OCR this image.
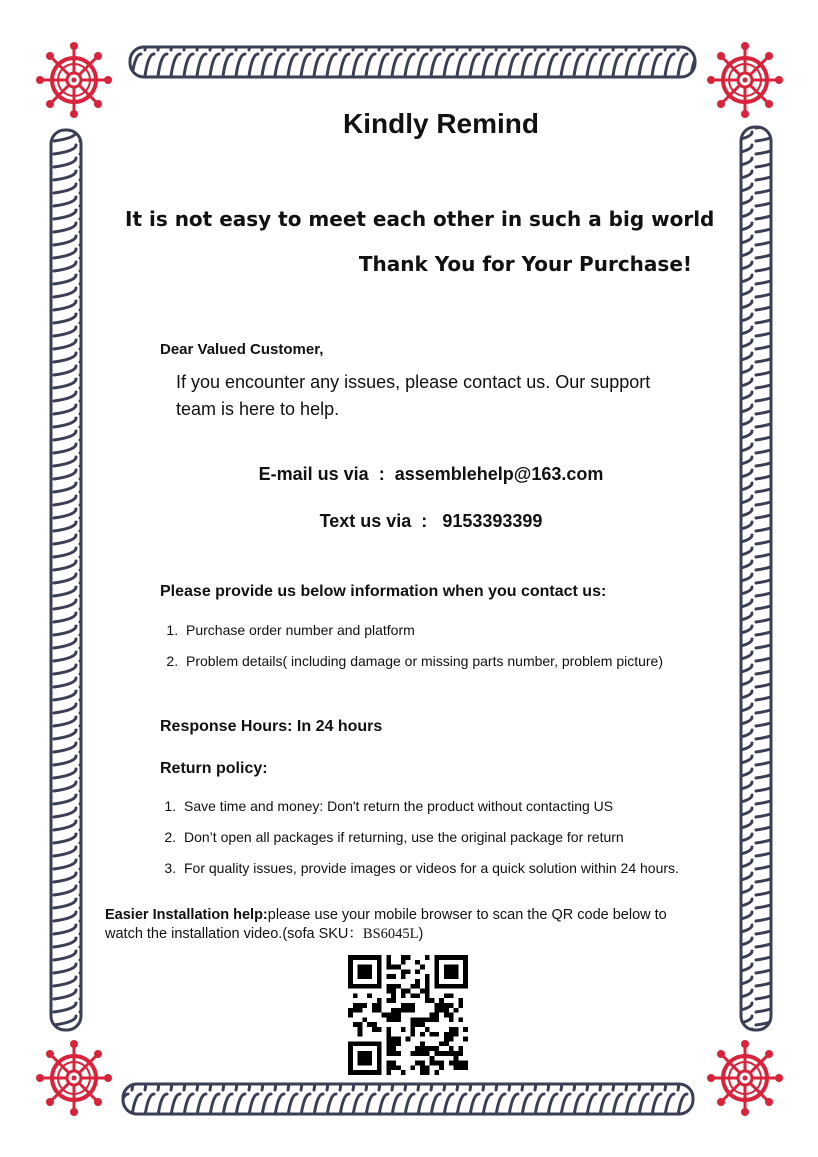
Kindly Remind
It is not easy to meet each other in such a big world
Thank You for Your Purchase!
Dear Valued Customer,
If you encounter any issues, please contact us. Our support team is here to help.
E-mail us via : assemblehelp@163.com
Text us via : 9153393399
Please provide us below information when you contact us:
1. Purchase order number and platform
2. Problem details( including damage or missing parts number, problem picture)
Response Hours: In 24 hours
Return policy:
1. Save time and money: Don't return the product without contacting US
2. Don’t open all packages if returning, use the original package for return
3. For quality issues, provide images or videos for a quick solution within 24 hours.
Easier Installation help:please use your mobile browser to scan the QR code below to watch the installation video.(sofa SKU：BS6045L)
